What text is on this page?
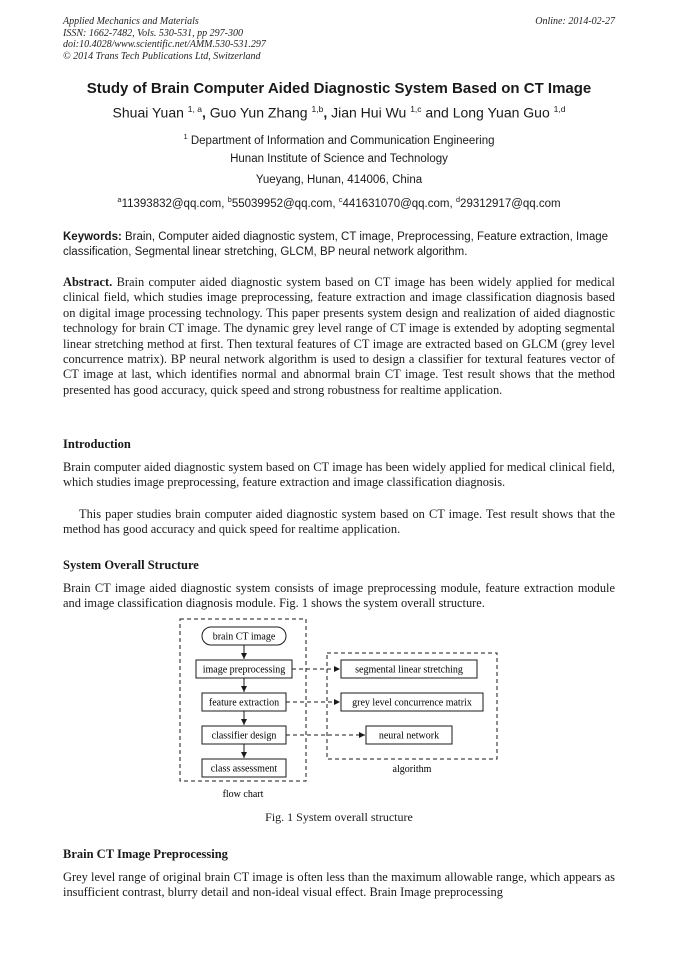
Applied Mechanics and Materials
ISSN: 1662-7482, Vols. 530-531, pp 297-300
doi:10.4028/www.scientific.net/AMM.530-531.297
© 2014 Trans Tech Publications Ltd, Switzerland
Online: 2014-02-27
Study of Brain Computer Aided Diagnostic System Based on CT Image
Shuai Yuan $^{1, a}$, Guo Yun Zhang $^{1,b}$, Jian Hui Wu $^{1,c}$ and Long Yuan Guo $^{1,d}$
$^1$ Department of Information and Communication Engineering
Hunan Institute of Science and Technology
Yueyang, Hunan, 414006, China
$^a$11393832@qq.com, $^b$55039952@qq.com, $^c$441631070@qq.com, $^d$29312917@qq.com
Keywords: Brain, Computer aided diagnostic system, CT image, Preprocessing, Feature extraction, Image classification, Segmental linear stretching, GLCM, BP neural network algorithm.
Abstract. Brain computer aided diagnostic system based on CT image has been widely applied for medical clinical field, which studies image preprocessing, feature extraction and image classification diagnosis based on digital image processing technology. This paper presents system design and realization of aided diagnostic technology for brain CT image. The dynamic grey level range of CT image is extended by adopting segmental linear stretching method at first. Then textural features of CT image are extracted based on GLCM (grey level concurrence matrix). BP neural network algorithm is used to design a classifier for textural features vector of CT image at last, which identifies normal and abnormal brain CT image. Test result shows that the method presented has good accuracy, quick speed and strong robustness for realtime application.
Introduction
Brain computer aided diagnostic system based on CT image has been widely applied for medical clinical field, which studies image preprocessing, feature extraction and image classification diagnosis.
This paper studies brain computer aided diagnostic system based on CT image. Test result shows that the method has good accuracy and quick speed for realtime application.
System Overall Structure
Brain CT image aided diagnostic system consists of image preprocessing module, feature extraction module and image classification diagnosis module. Fig. 1 shows the system overall structure.
brain CT image
image preprocessing
feature extraction
classifier design
class assessment
flow chart
segmental linear stretching
grey level concurrence matrix
neural network
algorithm
Fig. 1 System overall structure
Brain CT Image Preprocessing
Grey level range of original brain CT image is often less than the maximum allowable range, which appears as insufficient contrast, blurry detail and non-ideal visual effect. Brain Image preprocessing
